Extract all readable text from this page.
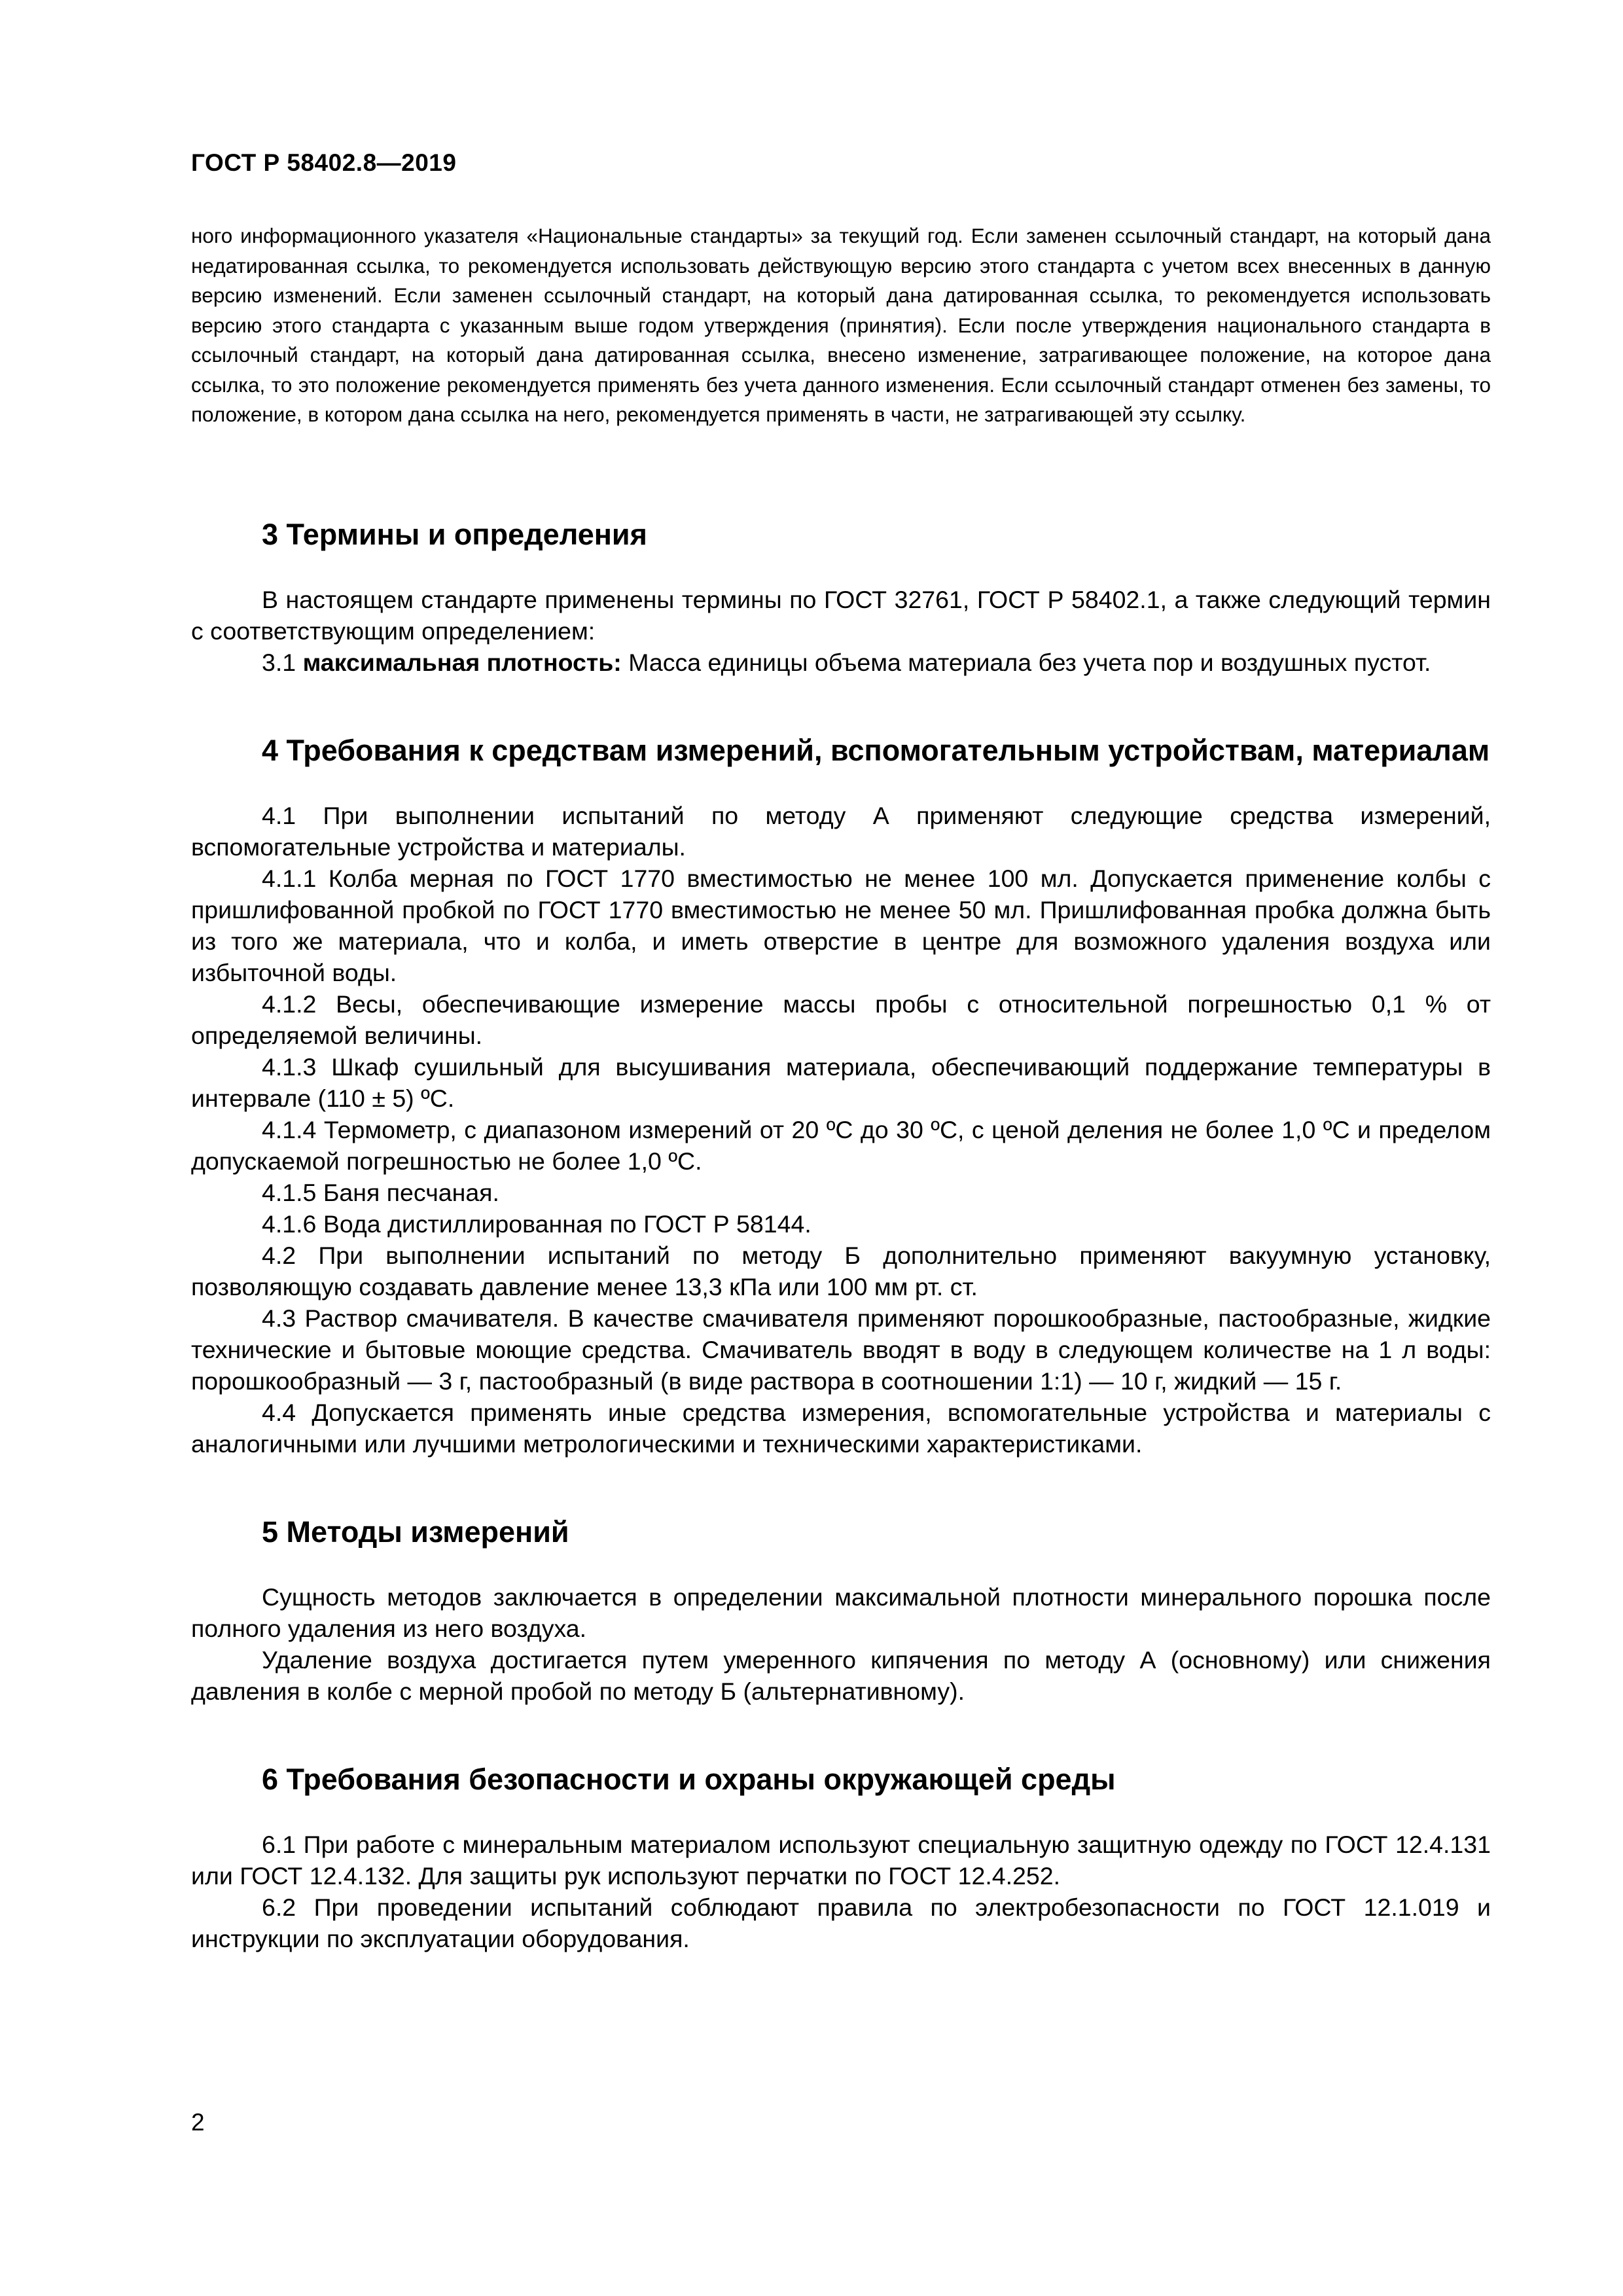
ГОСТ Р 58402.8—2019

ного информационного указателя «Национальные стандарты» за текущий год. Если заменен ссылочный стандарт, на который дана недатированная ссылка, то рекомендуется использовать действующую версию этого стандарта с учетом всех внесенных в данную версию изменений. Если заменен ссылочный стандарт, на который дана датированная ссылка, то рекомендуется использовать версию этого стандарта с указанным выше годом утверждения (принятия). Если после утверждения национального стандарта в ссылочный стандарт, на который дана датированная ссылка, внесено изменение, затрагивающее положение, на которое дана ссылка, то это положение рекомендуется применять без учета данного изменения. Если ссылочный стандарт отменен без замены, то положение, в котором дана ссылка на него, рекомендуется применять в части, не затрагивающей эту ссылку.

3 Термины и определения

В настоящем стандарте применены термины по ГОСТ 32761, ГОСТ Р 58402.1, а также следующий термин с соответствующим определением:

3.1 максимальная плотность: Масса единицы объема материала без учета пор и воздушных пустот.

4 Требования к средствам измерений, вспомогательным устройствам, материалам

4.1 При выполнении испытаний по методу А применяют следующие средства измерений, вспомогательные устройства и материалы.

4.1.1 Колба мерная по ГОСТ 1770 вместимостью не менее 100 мл. Допускается применение колбы с пришлифованной пробкой по ГОСТ 1770 вместимостью не менее 50 мл. Пришлифованная пробка должна быть из того же материала, что и колба, и иметь отверстие в центре для возможного удаления воздуха или избыточной воды.

4.1.2 Весы, обеспечивающие измерение массы пробы с относительной погрешностью 0,1 % от определяемой величины.

4.1.3 Шкаф сушильный для высушивания материала, обеспечивающий поддержание температуры в интервале (110 ± 5) ºС.

4.1.4 Термометр, с диапазоном измерений от 20 ºС до 30 ºС, с ценой деления не более 1,0 ºС и пределом допускаемой погрешностью не более 1,0 ºС.

4.1.5 Баня песчаная.

4.1.6 Вода дистиллированная по ГОСТ Р 58144.

4.2 При выполнении испытаний по методу Б дополнительно применяют вакуумную установку, позволяющую создавать давление менее 13,3 кПа или 100 мм рт. ст.

4.3 Раствор смачивателя. В качестве смачивателя применяют порошкообразные, пастообразные, жидкие технические и бытовые моющие средства. Смачиватель вводят в воду в следующем количестве на 1 л воды: порошкообразный — 3 г, пастообразный (в виде раствора в соотношении 1:1) — 10 г, жидкий — 15 г.

4.4 Допускается применять иные средства измерения, вспомогательные устройства и материалы с аналогичными или лучшими метрологическими и техническими характеристиками.

5 Методы измерений

Сущность методов заключается в определении максимальной плотности минерального порошка после полного удаления из него воздуха.

Удаление воздуха достигается путем умеренного кипячения по методу А (основному) или снижения давления в колбе с мерной пробой по методу Б (альтернативному).

6 Требования безопасности и охраны окружающей среды

6.1 При работе с минеральным материалом используют специальную защитную одежду по ГОСТ 12.4.131 или ГОСТ 12.4.132. Для защиты рук используют перчатки по ГОСТ 12.4.252.

6.2 При проведении испытаний соблюдают правила по электробезопасности по ГОСТ 12.1.019 и инструкции по эксплуатации оборудования.

2
